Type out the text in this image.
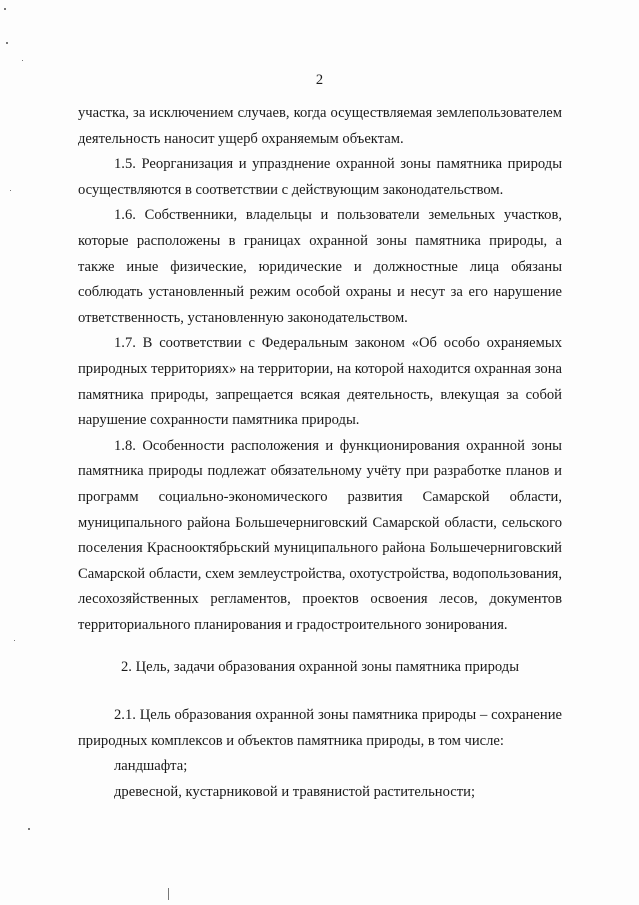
2

участка, за исключением случаев, когда осуществляемая землепользователем деятельность наносит ущерб охраняемым объектам.

1.5. Реорганизация и упразднение охранной зоны памятника природы осуществляются в соответствии с действующим законодательством.

1.6. Собственники, владельцы и пользователи земельных участков, которые расположены в границах охранной зоны памятника природы, а также иные физические, юридические и должностные лица обязаны соблюдать установленный режим особой охраны и несут за его нарушение ответственность, установленную законодательством.

1.7. В соответствии с Федеральным законом «Об особо охраняемых природных территориях» на территории, на которой находится охранная зона памятника природы, запрещается всякая деятельность, влекущая за собой нарушение сохранности памятника природы.

1.8. Особенности расположения и функционирования охранной зоны памятника природы подлежат обязательному учёту при разработке планов и программ социально-экономического развития Самарской области, муниципального района Большечерниговский Самарской области, сельского поселения Краснооктябрьский муниципального района Большечерниговский Самарской области, схем землеустройства, охотустройства, водопользования, лесохозяйственных регламентов, проектов освоения лесов, документов территориального планирования и градостроительного зонирования.

2. Цель, задачи образования охранной зоны памятника природы

2.1. Цель образования охранной зоны памятника природы – сохранение природных комплексов и объектов памятника природы, в том числе:

ландшафта;

древесной, кустарниковой и травянистой растительности;
